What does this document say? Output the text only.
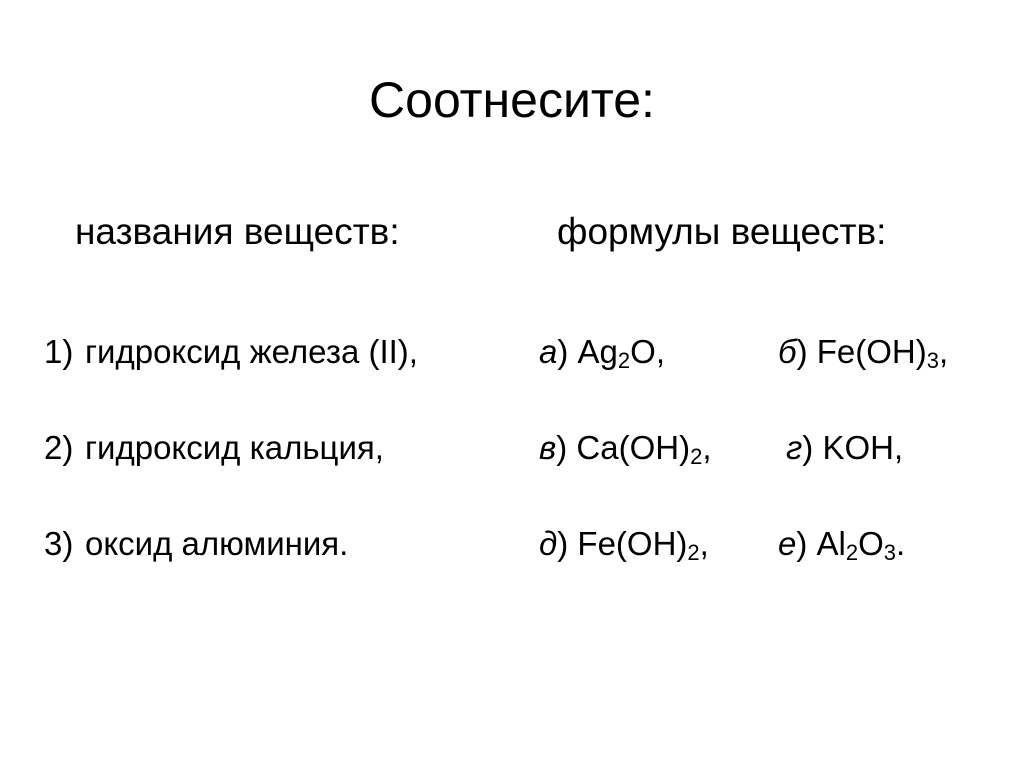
Соотнесите:
названия веществ:	формулы веществ:
1) гидроксид железа (II),
2) гидроксид кальция,
3) оксид алюминия.
а) $Ag_2O$,	б) $Fe(OH)_3$,
в) $Ca(OH)_2$, г) KOH,
д) $Fe(OH)_2$, е) $Al_2O_3$.
